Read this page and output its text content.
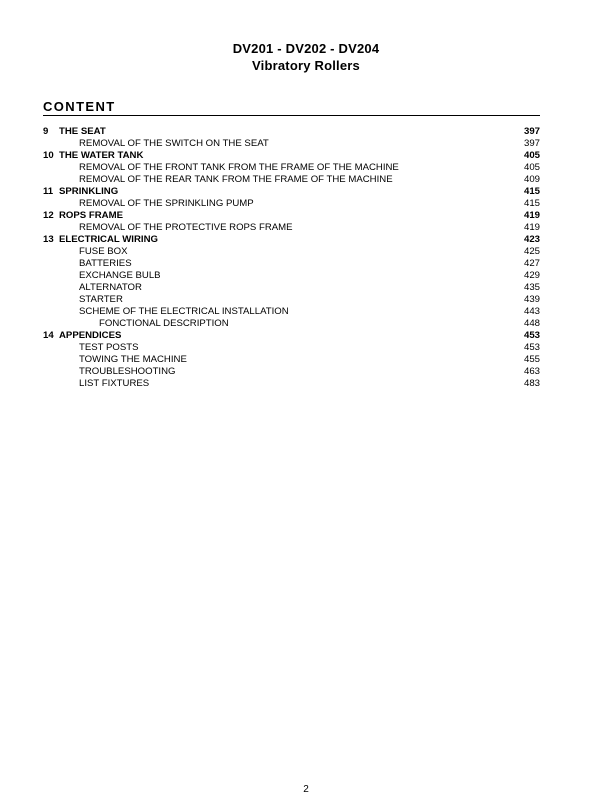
DV201 - DV202 - DV204
Vibratory Rollers
CONTENT
9 THE SEAT	397
REMOVAL OF THE SWITCH ON THE SEAT	397
10 THE WATER TANK	405
REMOVAL OF THE FRONT TANK FROM THE FRAME OF THE MACHINE	405
REMOVAL OF THE REAR TANK FROM THE FRAME OF THE MACHINE	409
11 SPRINKLING	415
REMOVAL OF THE SPRINKLING PUMP	415
12 ROPS FRAME	419
REMOVAL OF THE PROTECTIVE ROPS FRAME	419
13 ELECTRICAL WIRING	423
FUSE BOX	425
BATTERIES	427
EXCHANGE BULB	429
ALTERNATOR	435
STARTER	439
SCHEME OF THE ELECTRICAL INSTALLATION	443
FONCTIONAL DESCRIPTION	448
14 APPENDICES	453
TEST POSTS	453
TOWING THE MACHINE	455
TROUBLESHOOTING	463
LIST FIXTURES	483
2
